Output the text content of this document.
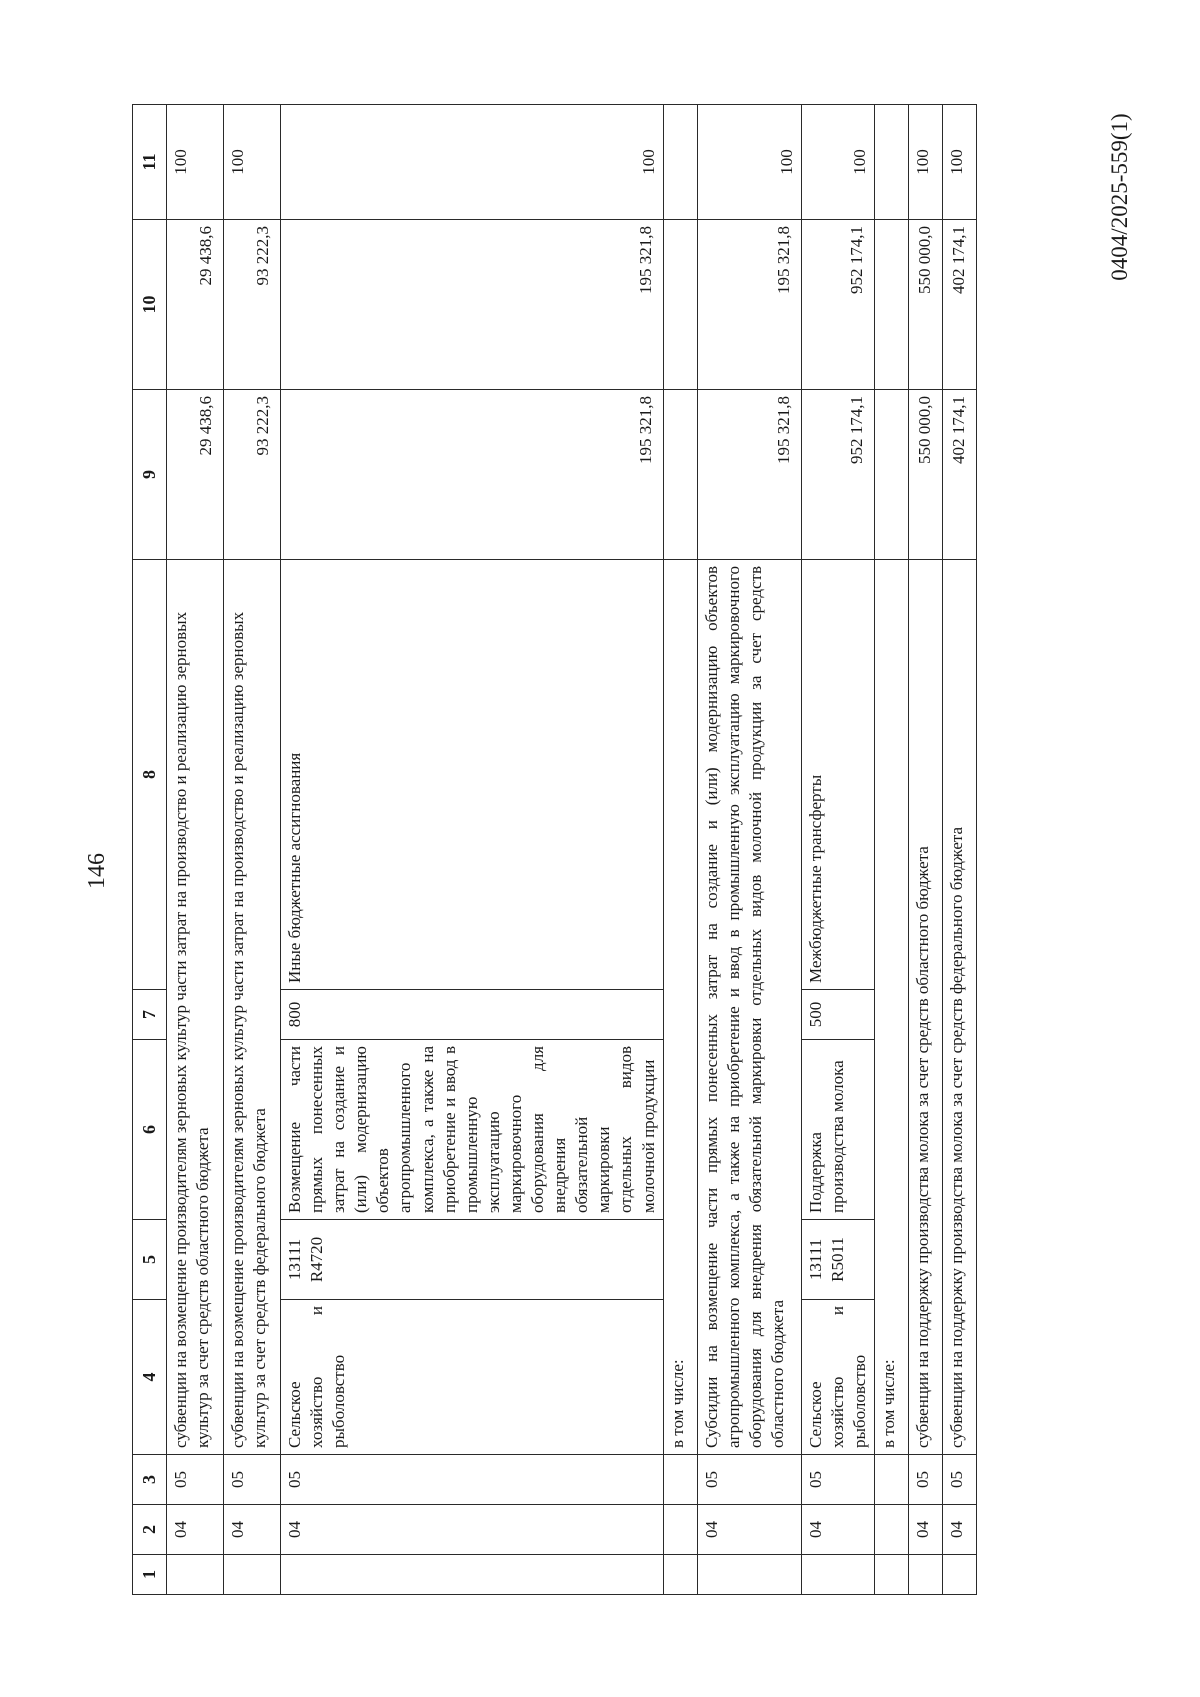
146
0404/2025-559(1)
1	2	3	4	5	6	7	8	9	10	11
	04	05	субвенции на возмещение производителям зерновых культур части затрат на производство и реализацию зерновых культур за счет средств областного бюджета					29 438,6	29 438,6	100
	04	05	субвенции на возмещение производителям зерновых культур части затрат на производство и реализацию зерновых культур за счет средств федерального бюджета					93 222,3	93 222,3	100
	04	05	Сельское хозяйство и рыболовство	13111 R4720	Возмещение части прямых понесенных затрат на создание и (или) модернизацию объектов агропромышленного комплекса, а также на приобретение и ввод в промышленную эксплуатацию маркировочного оборудования для внедрения обязательной маркировки отдельных видов молочной продукции	800	Иные бюджетные ассигнования	195 321,8	195 321,8	100
			в том числе:							
	04	05	Субсидии на возмещение части прямых понесенных затрат на создание и (или) модернизацию объектов агропромышленного комплекса, а также на приобретение и ввод в промышленную эксплуатацию маркировочного оборудования для внедрения обязательной маркировки отдельных видов молочной продукции за счет средств областного бюджета					195 321,8	195 321,8	100
	04	05	Сельское хозяйство и рыболовство	13111 R5011	Поддержка производства молока	500	Межбюджетные трансферты	952 174,1	952 174,1	100
			в том числе:							
	04	05	субвенции на поддержку производства молока за счет средств областного бюджета					550 000,0	550 000,0	100
	04	05	субвенции на поддержку производства молока за счет средств федерального бюджета					402 174,1	402 174,1	100
